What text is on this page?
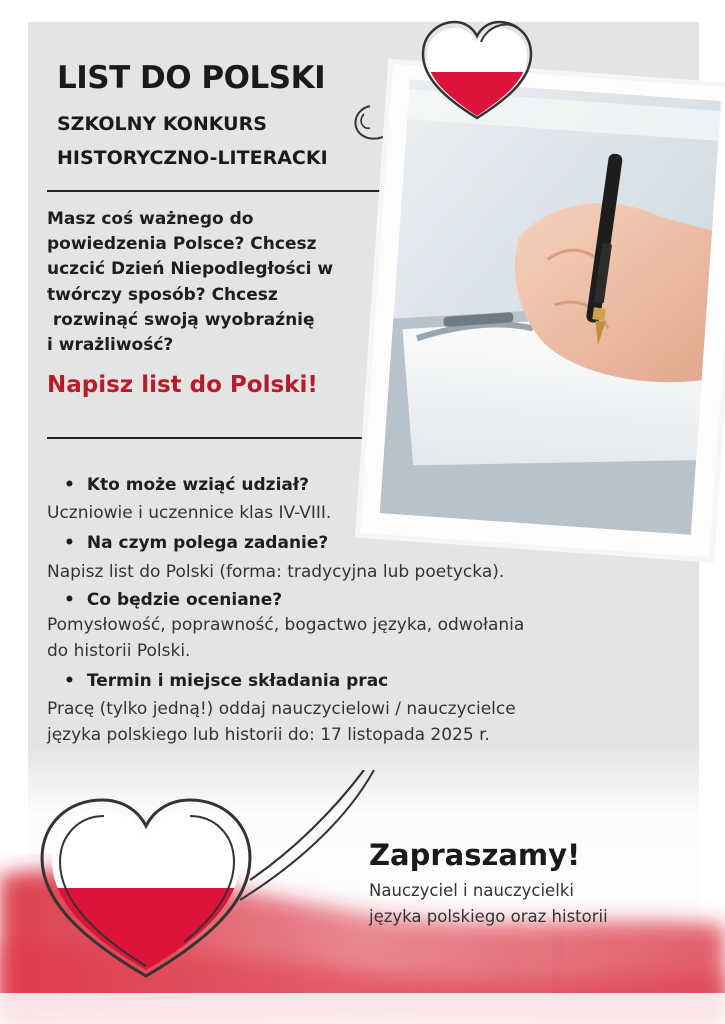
LIST DO POLSKI
SZKOLNY KONKURS
HISTORYCZNO-LITERACKI
Masz coś ważnego do
powiedzenia Polsce? Chcesz
uczcić Dzień Niepodległości w
twórczy sposób? Chcesz
rozwinąć swoją wyobraźnię
i wrażliwość?
Napisz list do Polski!
• Kto może wziąć udział?
Uczniowie i uczennice klas IV-VIII.
• Na czym polega zadanie?
Napisz list do Polski (forma: tradycyjna lub poetycka).
• Co będzie oceniane?
Pomysłowość, poprawność, bogactwo języka, odwołania
do historii Polski.
• Termin i miejsce składania prac
Pracę (tylko jedną!) oddaj nauczycielowi / nauczycielce
języka polskiego lub historii do: 17 listopada 2025 r.
Zapraszamy!
Nauczyciel i nauczycielki
języka polskiego oraz historii
